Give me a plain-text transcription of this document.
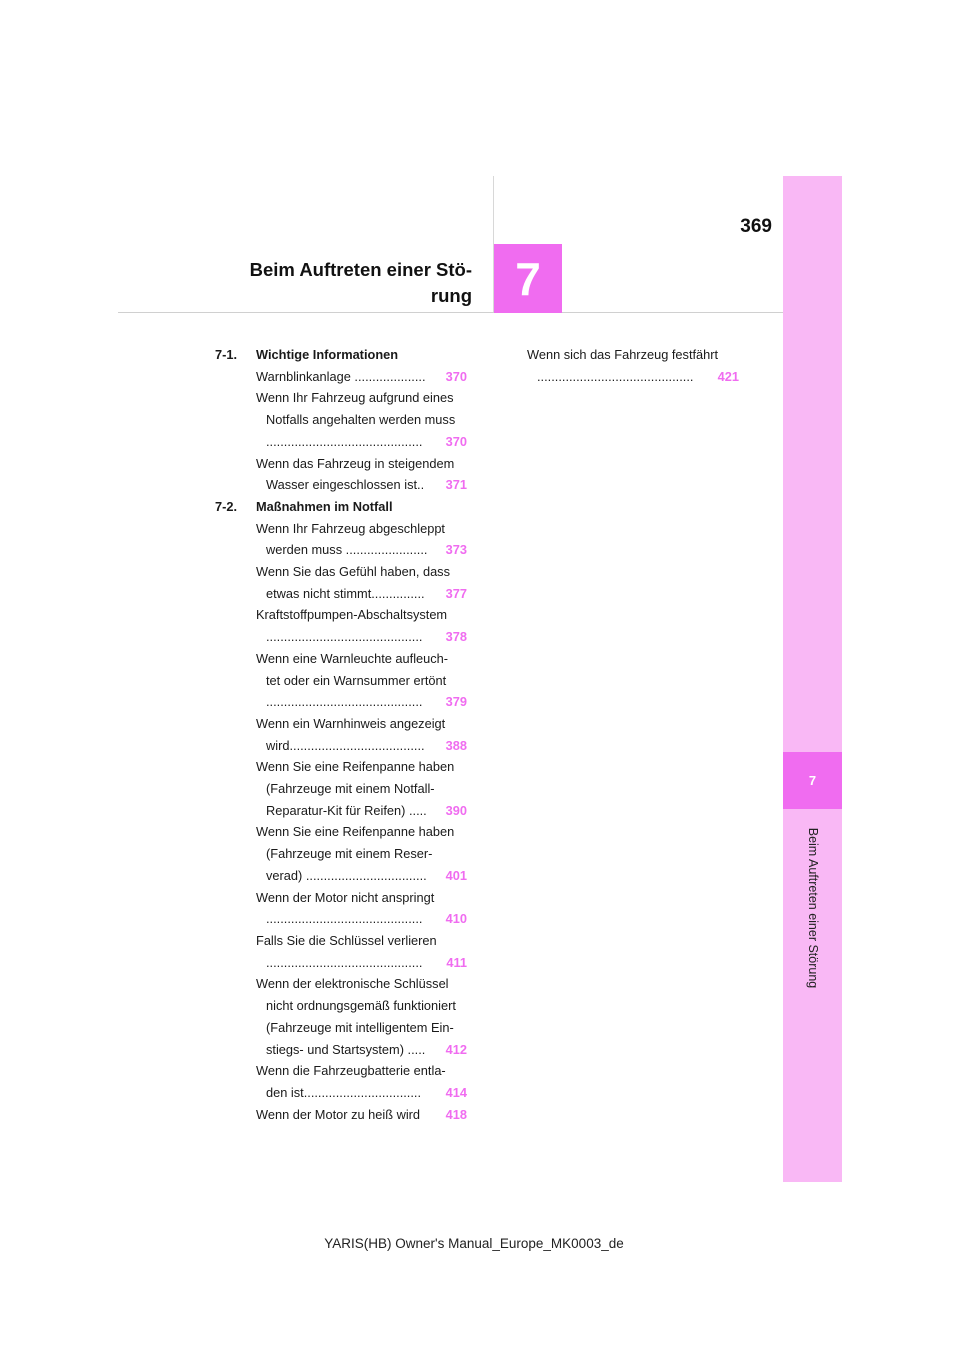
7
Beim Auftreten einer Störung
7
369
Beim Auftreten einer Stö-
rung
7-1.	Wichtige Informationen
370
Warnblinkanlage ....................
Wenn Ihr Fahrzeug aufgrund eines
Notfalls angehalten werden muss
370
............................................
Wenn das Fahrzeug in steigendem
371
Wasser eingeschlossen ist..
7-2.	Maßnahmen im Notfall
Wenn Ihr Fahrzeug abgeschleppt
373
werden muss .......................
Wenn Sie das Gefühl haben, dass
377
etwas nicht stimmt...............
Kraftstoffpumpen-Abschaltsystem
378
............................................
Wenn eine Warnleuchte aufleuch-
tet oder ein Warnsummer ertönt
379
............................................
Wenn ein Warnhinweis angezeigt
388
wird......................................
Wenn Sie eine Reifenpanne haben
(Fahrzeuge mit einem Notfall-
390
Reparatur-Kit für Reifen) .....
Wenn Sie eine Reifenpanne haben
(Fahrzeuge mit einem Reser-
401
verad) ..................................
Wenn der Motor nicht anspringt
410
............................................
Falls Sie die Schlüssel verlieren
411
............................................
Wenn der elektronische Schlüssel
nicht ordnungsgemäß funktioniert
(Fahrzeuge mit intelligentem Ein-
412
stiegs- und Startsystem) .....
Wenn die Fahrzeugbatterie entla-
414
den ist.................................
418
Wenn der Motor zu heiß wird
Wenn sich das Fahrzeug festfährt
421
............................................
YARIS(HB) Owner's Manual_Europe_MK0003_de
